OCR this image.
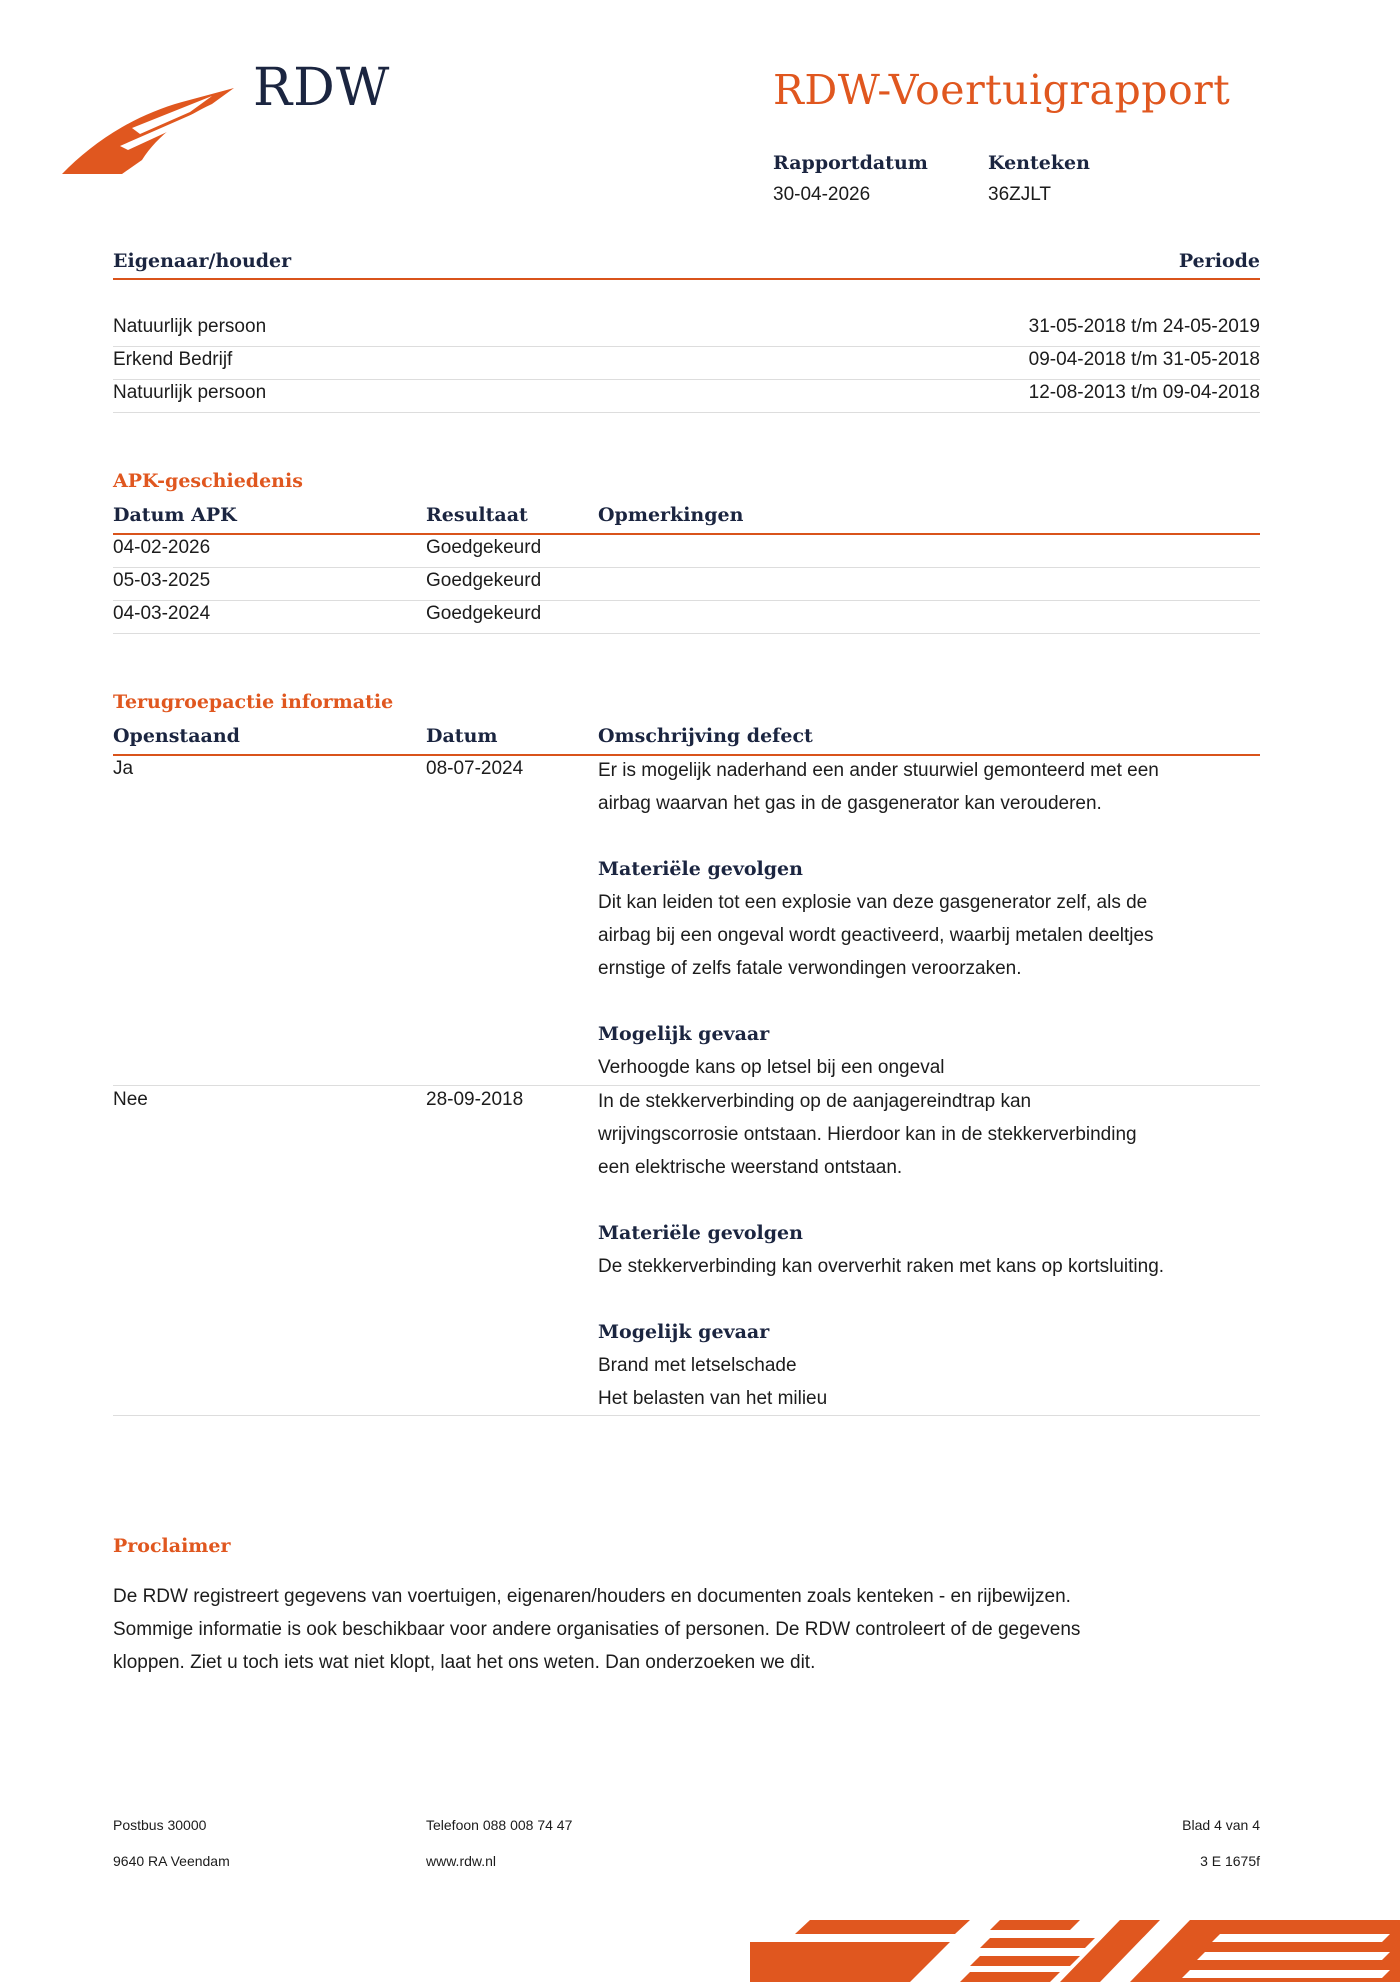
RDW	RDW-Voertuigrapport
Rapportdatum
30-04-2026
Kenteken
36ZJLT
Eigenaar/houder	Periode
Natuurlijk persoon	31-05-2018 t/m 24-05-2019
Erkend Bedrijf	09-04-2018 t/m 31-05-2018
Natuurlijk persoon	12-08-2013 t/m 09-04-2018
APK-geschiedenis
Datum APK	Resultaat	Opmerkingen
04-02-2026	Goedgekeurd
05-03-2025	Goedgekeurd
04-03-2024	Goedgekeurd
Terugroepactie informatie
Openstaand	Datum	Omschrijving defect
Ja	08-07-2024	Er is mogelijk naderhand een ander stuurwiel gemonteerd met een
airbag waarvan het gas in de gasgenerator kan verouderen.
Materiële gevolgen
Dit kan leiden tot een explosie van deze gasgenerator zelf, als de
airbag bij een ongeval wordt geactiveerd, waarbij metalen deeltjes
ernstige of zelfs fatale verwondingen veroorzaken.
Mogelijk gevaar
Verhoogde kans op letsel bij een ongeval
Nee	28-09-2018	In de stekkerverbinding op de aanjagereindtrap kan
wrijvingscorrosie ontstaan. Hierdoor kan in de stekkerverbinding
een elektrische weerstand ontstaan.
Materiële gevolgen
De stekkerverbinding kan oververhit raken met kans op kortsluiting.
Mogelijk gevaar
Brand met letselschade
Het belasten van het milieu
Proclaimer
De RDW registreert gegevens van voertuigen, eigenaren/houders en documenten zoals kenteken - en rijbewijzen.
Sommige informatie is ook beschikbaar voor andere organisaties of personen. De RDW controleert of de gegevens
kloppen. Ziet u toch iets wat niet klopt, laat het ons weten. Dan onderzoeken we dit.
Postbus 30000
9640 RA Veendam
Telefoon 088 008 74 47
www.rdw.nl
Blad 4 van 4
3 E 1675f
